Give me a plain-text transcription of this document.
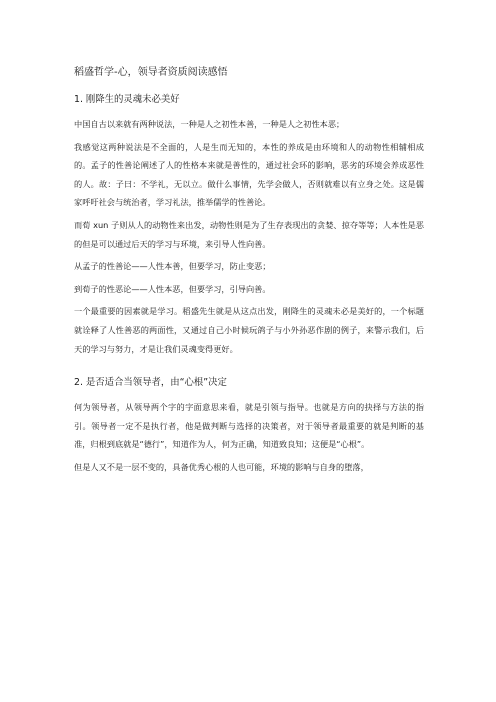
稻盛哲学-心，领导者资质阅读感悟
1. 刚降生的灵魂未必美好

中国自古以来就有两种说法，一种是人之初性本善，一种是人之初性本恶；

我感觉这两种说法是不全面的，人是生而无知的，本性的养成是由环境和人的动物性相辅相成的。孟子的性善论阐述了人的性格本来就是善性的，通过社会环的影响，恶劣的环境会养成恶性的人。故：子曰：不学礼，无以立。做什么事情，先学会做人，否则就难以有立身之处。这是儒家呼吁社会与统治者，学习礼法，推举儒学的性善论。

而荀 xun 子则从人的动物性来出发，动物性则是为了生存表现出的贪婪、掠夺等等；人本性是恶的但是可以通过后天的学习与环境，来引导人性向善。

从孟子的性善论——人性本善，但要学习，防止变恶；

到荀子的性恶论——人性本恶，但要学习，引导向善。

一个最重要的因素就是学习。稻盛先生就是从这点出发，刚降生的灵魂未必是美好的，一个标题就诠释了人性善恶的两面性，又通过自己小时候玩鸽子与小外孙恶作剧的例子，来警示我们，后天的学习与努力，才是让我们灵魂变得更好。

2. 是否适合当领导者，由“心根”决定

何为领导者，从领导两个字的字面意思来看，就是引领与指导。也就是方向的抉择与方法的指引。领导者一定不是执行者，他是做判断与选择的决策者，对于领导者最重要的就是判断的基准，归根到底就是“德行”，知道作为人，何为正确，知道致良知；这便是“心根”。

但是人又不是一层不变的，具备优秀心根的人也可能，环境的影响与自身的堕落，
